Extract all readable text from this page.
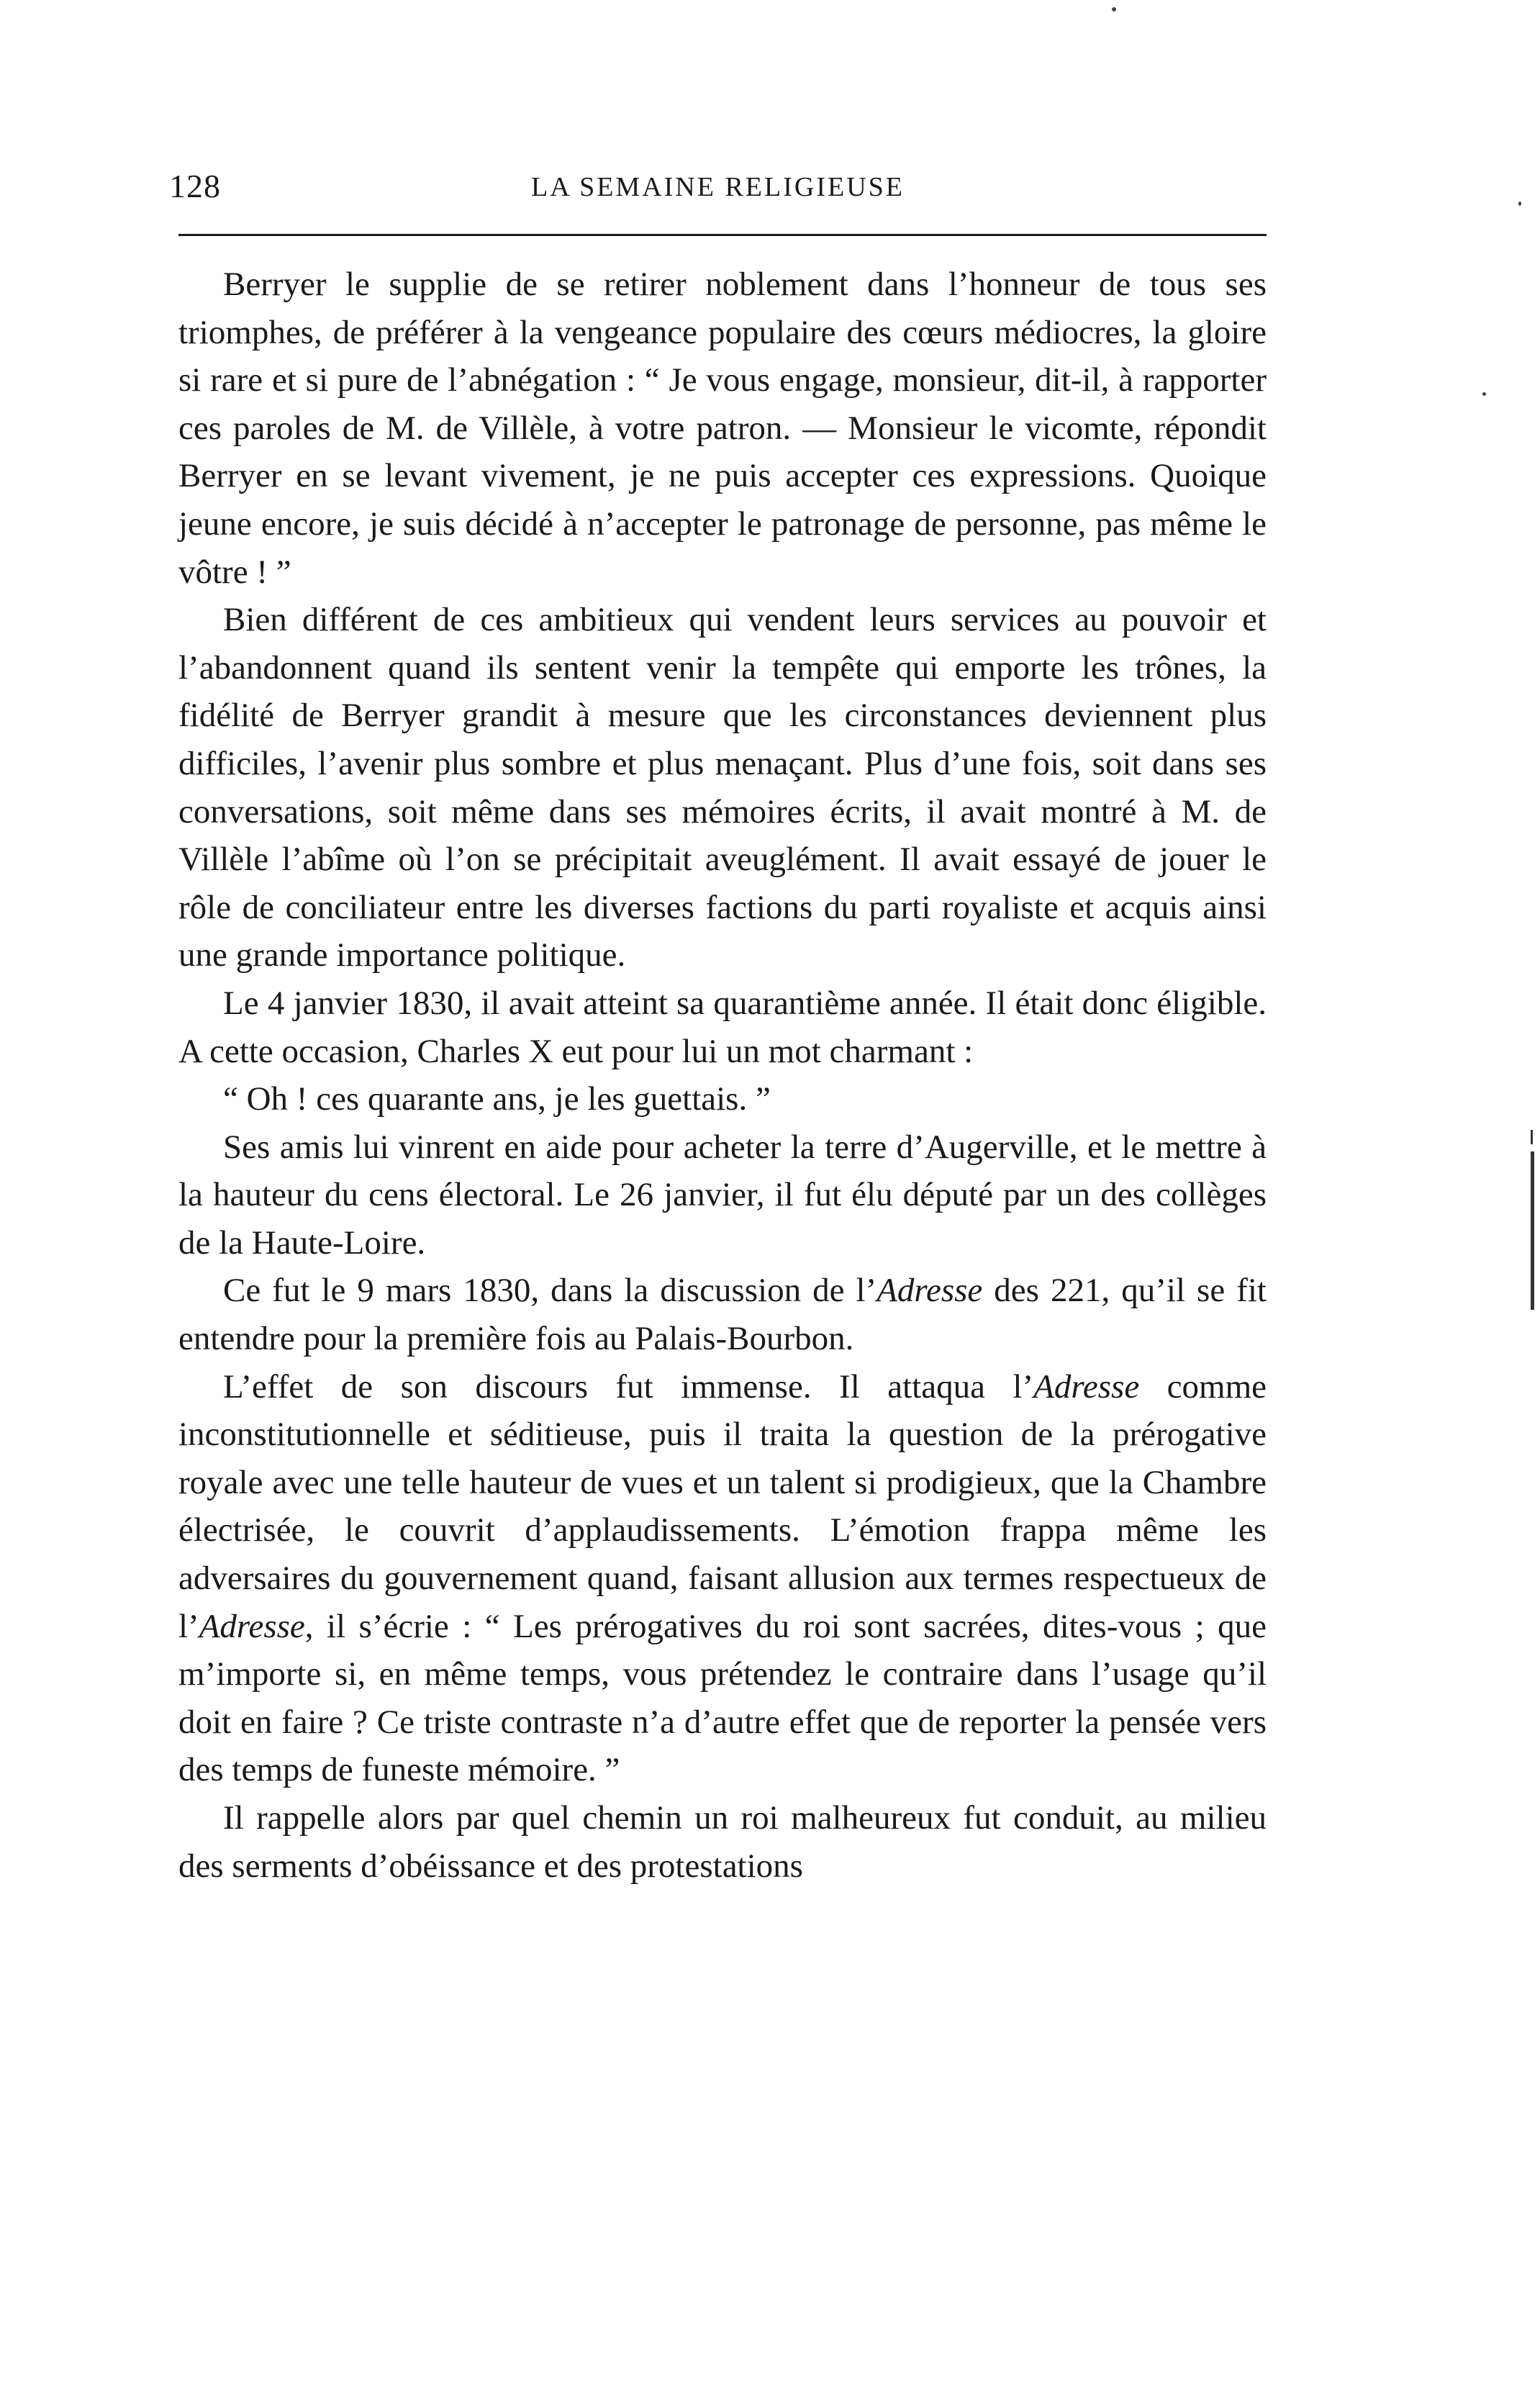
128	LA SEMAINE RELIGIEUSE

Berryer le supplie de se retirer noblement dans l’honneur de tous ses triomphes, de préférer à la vengeance populaire des cœurs médiocres, la gloire si rare et si pure de l’abnégation : “ Je vous engage, monsieur, dit-il, à rapporter ces paroles de M. de Villèle, à votre patron. — Monsieur le vicomte, répondit Berryer en se levant vivement, je ne puis accepter ces expressions. Quoique jeune encore, je suis décidé à n’accepter le patronage de personne, pas même le vôtre ! ”

Bien différent de ces ambitieux qui vendent leurs services au pouvoir et l’abandonnent quand ils sentent venir la tempête qui emporte les trônes, la fidélité de Berryer grandit à mesure que les circonstances deviennent plus difficiles, l’avenir plus sombre et plus menaçant. Plus d’une fois, soit dans ses conversations, soit même dans ses mémoires écrits, il avait montré à M. de Villèle l’abîme où l’on se précipitait aveuglément. Il avait essayé de jouer le rôle de conciliateur entre les diverses factions du parti royaliste et acquis ainsi une grande importance politique.

Le 4 janvier 1830, il avait atteint sa quarantième année. Il était donc éligible. A cette occasion, Charles X eut pour lui un mot charmant :

“ Oh ! ces quarante ans, je les guettais. ”

Ses amis lui vinrent en aide pour acheter la terre d’Augerville, et le mettre à la hauteur du cens électoral. Le 26 janvier, il fut élu député par un des collèges de la Haute-Loire.

Ce fut le 9 mars 1830, dans la discussion de l’Adresse des 221, qu’il se fit entendre pour la première fois au Palais-Bourbon.

L’effet de son discours fut immense. Il attaqua l’Adresse comme inconstitutionnelle et séditieuse, puis il traita la question de la prérogative royale avec une telle hauteur de vues et un talent si prodigieux, que la Chambre électrisée, le couvrit d’applaudissements. L’émotion frappa même les adversaires du gouvernement quand, faisant allusion aux termes respectueux de l’Adresse, il s’écrie : “ Les prérogatives du roi sont sacrées, dites-vous ; que m’importe si, en même temps, vous prétendez le contraire dans l’usage qu’il doit en faire ? Ce triste contraste n’a d’autre effet que de reporter la pensée vers des temps de funeste mémoire. ”

Il rappelle alors par quel chemin un roi malheureux fut conduit, au milieu des serments d’obéissance et des protestations
